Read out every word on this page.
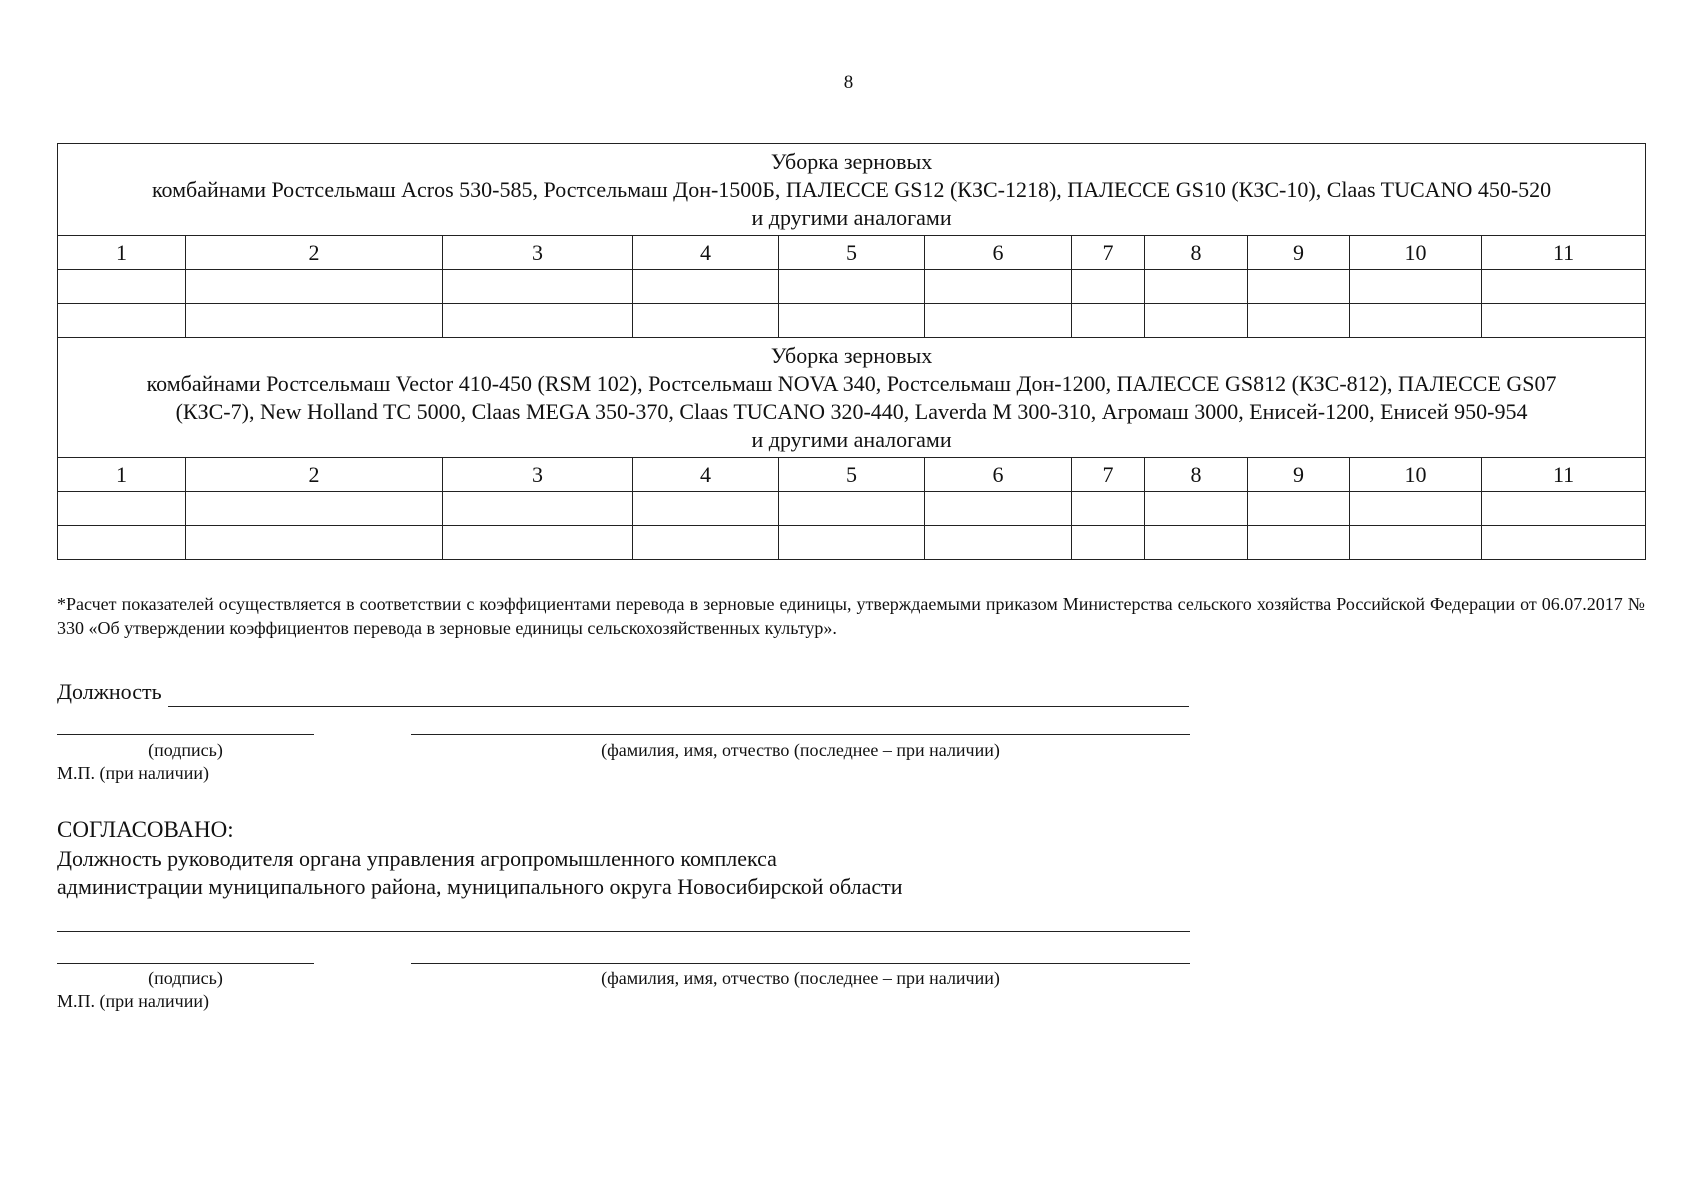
8
Уборка зерновых
комбайнами Ростсельмаш Acros 530-585, Ростсельмаш Дон-1500Б, ПАЛЕССЕ GS12 (КЗС-1218), ПАЛЕССЕ GS10 (КЗС-10), Claas TUCANO 450-520
и другими аналогами										

1	2	3	4	5	6	7	8	9	10	11

Уборка зерновых
комбайнами Ростсельмаш Vector 410-450 (RSM 102), Ростсельмаш NOVA 340, Ростсельмаш Дон-1200, ПАЛЕССЕ GS812 (КЗС-812), ПАЛЕССЕ GS07
(КЗС-7), New Holland TC 5000, Claas MEGA 350-370, Claas TUCANO 320-440, Laverda M 300-310, Агромаш 3000, Енисей-1200, Енисей 950-954
и другими аналогами										

1	2	3	4	5	6	7	8	9	10	11

*Расчет показателей осуществляется в соответствии с коэффициентами перевода в зерновые единицы, утверждаемыми приказом Министерства сельского хозяйства Российской Федерации от 06.07.2017 № 330 «Об утверждении коэффициентов перевода в зерновые единицы сельскохозяйственных культур».
Должность
(подпись)	(фамилия, имя, отчество (последнее – при наличии)
М.П. (при наличии)
СОГЛАСОВАНО:
Должность руководителя органа управления агропромышленного комплекса
администрации муниципального района, муниципального округа Новосибирской области
(подпись)	(фамилия, имя, отчество (последнее – при наличии)
М.П. (при наличии)
